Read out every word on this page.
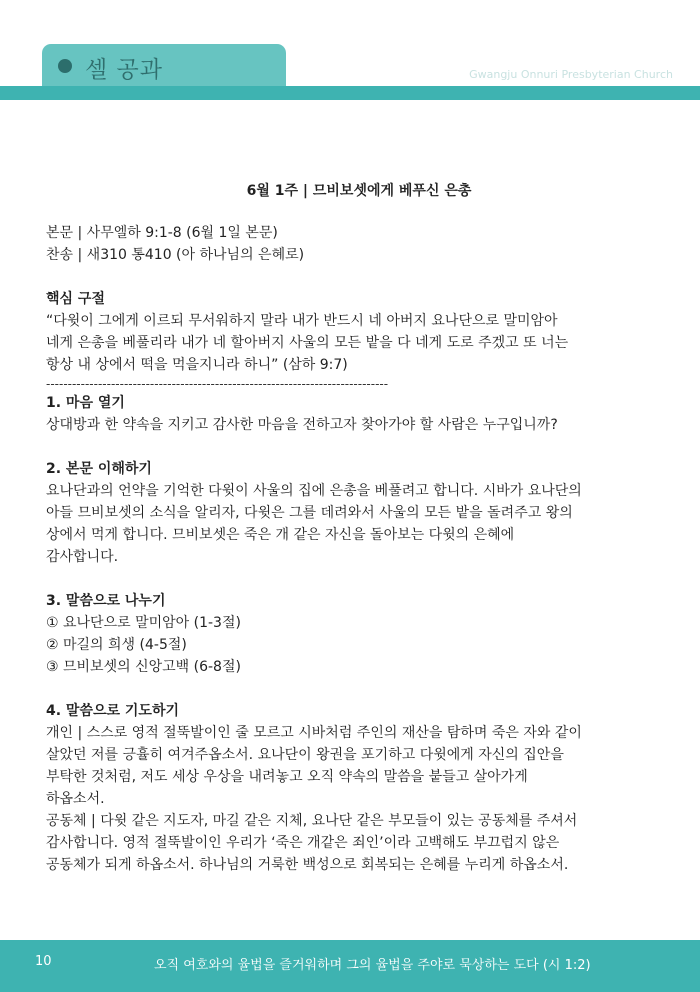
셀 공과	Gwangju Onnuri Presbyterian Church
6월 1주 | 므비보셋에게 베푸신 은총
본문 | 사무엘하 9:1-8 (6월 1일 본문)
찬송 | 새310 통410 (아 하나님의 은혜로)
핵심 구절
“다윗이 그에게 이르되 무서워하지 말라 내가 반드시 네 아버지 요나단으로 말미암아
네게 은총을 베풀리라 내가 네 할아버지 사울의 모든 밭을 다 네게 도로 주겠고 또 너는
항상 내 상에서 떡을 먹을지니라 하니” (삼하 9:7)
-------------------------------------------------------------------------------
1. 마음 열기
상대방과 한 약속을 지키고 감사한 마음을 전하고자 찾아가야 할 사람은 누구입니까?
2. 본문 이해하기
요나단과의 언약을 기억한 다윗이 사울의 집에 은총을 베풀려고 합니다. 시바가 요나단의
아들 므비보셋의 소식을 알리자, 다윗은 그를 데려와서 사울의 모든 밭을 돌려주고 왕의
상에서 먹게 합니다. 므비보셋은 죽은 개 같은 자신을 돌아보는 다윗의 은혜에
감사합니다.
3. 말씀으로 나누기
① 요나단으로 말미암아 (1-3절)
② 마길의 희생 (4-5절)
③ 므비보셋의 신앙고백 (6-8절)
4. 말씀으로 기도하기
개인 | 스스로 영적 절뚝발이인 줄 모르고 시바처럼 주인의 재산을 탐하며 죽은 자와 같이
살았던 저를 긍휼히 여겨주옵소서. 요나단이 왕권을 포기하고 다윗에게 자신의 집안을
부탁한 것처럼, 저도 세상 우상을 내려놓고 오직 약속의 말씀을 붙들고 살아가게
하옵소서.
공동체 | 다윗 같은 지도자, 마길 같은 지체, 요나단 같은 부모들이 있는 공동체를 주셔서
감사합니다. 영적 절뚝발이인 우리가 ‘죽은 개같은 죄인’이라 고백해도 부끄럽지 않은
공동체가 되게 하옵소서. 하나님의 거룩한 백성으로 회복되는 은혜를 누리게 하옵소서.
10	오직 여호와의 율법을 즐거워하며 그의 율법을 주야로 묵상하는 도다 (시 1:2)
